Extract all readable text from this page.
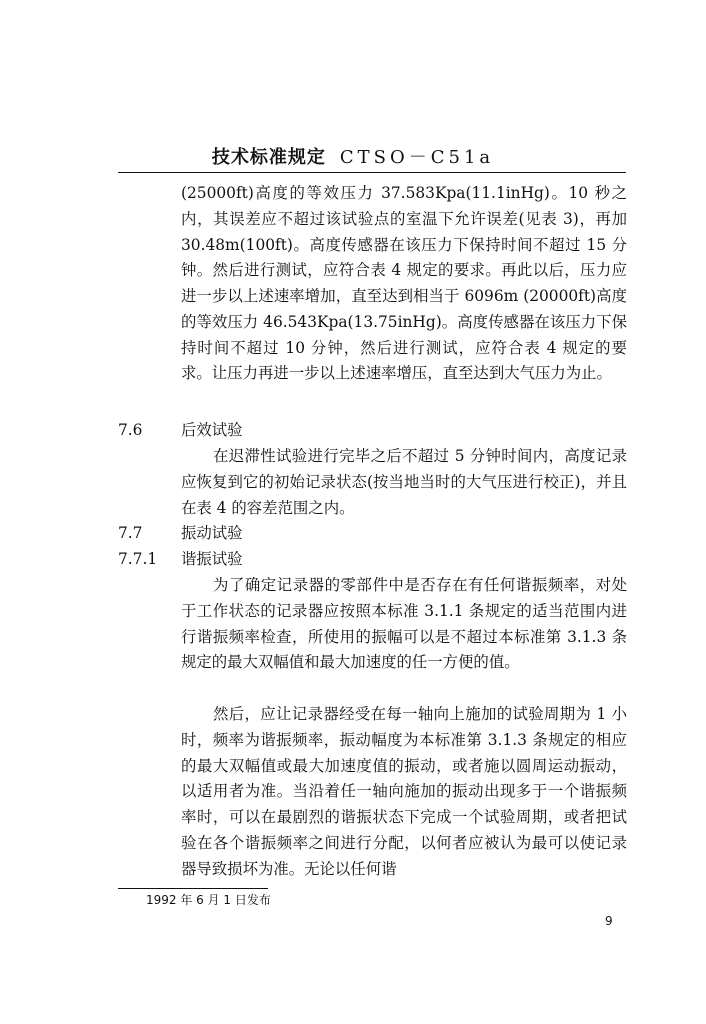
技术标准规定 CTSO－C51a
(25000ft)高度的等效压力 37.583Kpa(11.1inHg)。10 秒之内，其误差应不超过该试验点的室温下允许误差(见表 3)，再加 30.48m(100ft)。高度传感器在该压力下保持时间不超过 15 分钟。然后进行测试，应符合表 4 规定的要求。再此以后，压力应进一步以上述速率增加，直至达到相当于 6096m (20000ft)高度的等效压力 46.543Kpa(13.75inHg)。高度传感器在该压力下保持时间不超过 10 分钟，然后进行测试，应符合表 4 规定的要求。让压力再进一步以上述速率增压，直至达到大气压力为止。
7.6	后效试验
在迟滞性试验进行完毕之后不超过 5 分钟时间内，高度记录应恢复到它的初始记录状态(按当地当时的大气压进行校正)，并且在表 4 的容差范围之内。
7.7	振动试验
7.7.1 谐振试验
为了确定记录器的零部件中是否存在有任何谐振频率，对处于工作状态的记录器应按照本标准 3.1.1 条规定的适当范围内进行谐振频率检查，所使用的振幅可以是不超过本标准第 3.1.3 条规定的最大双幅值和最大加速度的任一方便的值。
然后，应让记录器经受在每一轴向上施加的试验周期为 1 小时，频率为谐振频率，振动幅度为本标准第 3.1.3 条规定的相应的最大双幅值或最大加速度值的振动，或者施以圆周运动振动，以适用者为准。当沿着任一轴向施加的振动出现多于一个谐振频率时，可以在最剧烈的谐振状态下完成一个试验周期，或者把试验在各个谐振频率之间进行分配，以何者应被认为最可以使记录器导致损坏为准。无论以任何谐
1992 年 6 月 1 日发布
9
